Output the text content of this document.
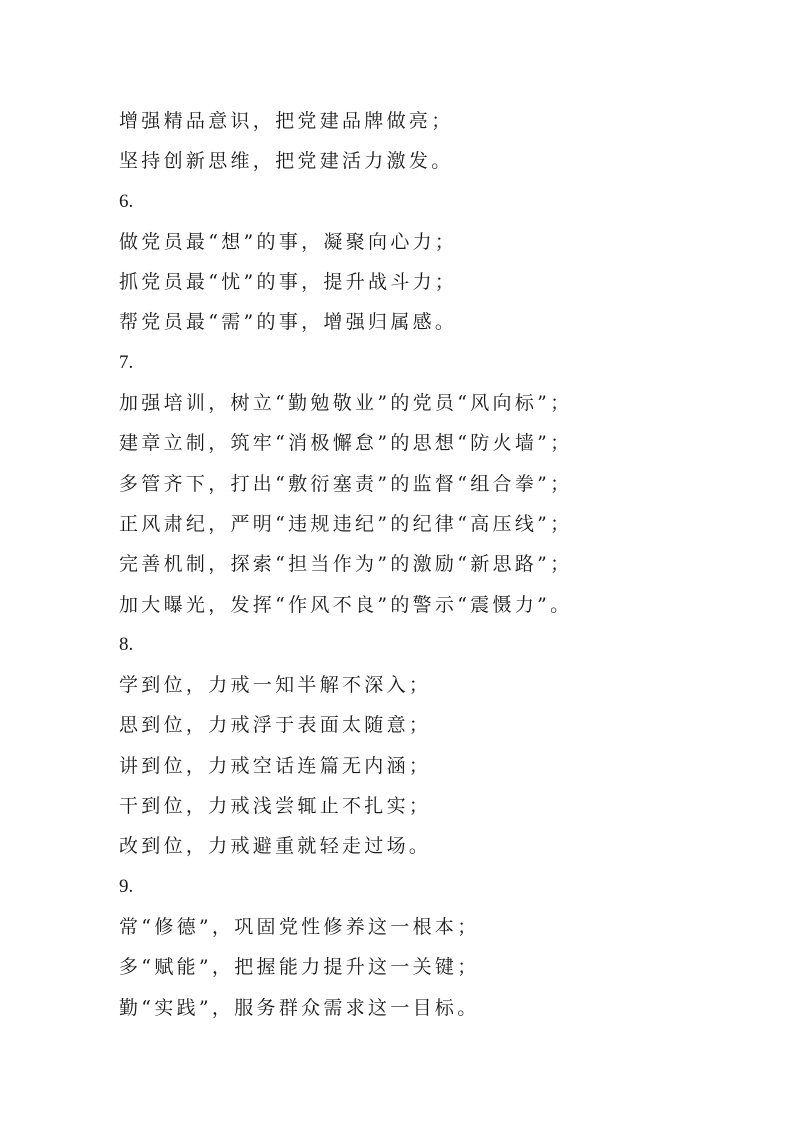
增强精品意识，把党建品牌做亮；
坚持创新思维，把党建活力激发。
6.
做党员最“想”的事，凝聚向心力；
抓党员最“忧”的事，提升战斗力；
帮党员最“需”的事，增强归属感。
7.
加强培训，树立“勤勉敬业”的党员“风向标”；
建章立制，筑牢“消极懈怠”的思想“防火墙”；
多管齐下，打出“敷衍塞责”的监督“组合拳”；
正风肃纪，严明“违规违纪”的纪律“高压线”；
完善机制，探索“担当作为”的激励“新思路”；
加大曝光，发挥“作风不良”的警示“震慑力”。
8.
学到位，力戒一知半解不深入；
思到位，力戒浮于表面太随意；
讲到位，力戒空话连篇无内涵；
干到位，力戒浅尝辄止不扎实；
改到位，力戒避重就轻走过场。
9.
常“修德”，巩固党性修养这一根本；
多“赋能”，把握能力提升这一关键；
勤“实践”，服务群众需求这一目标。
